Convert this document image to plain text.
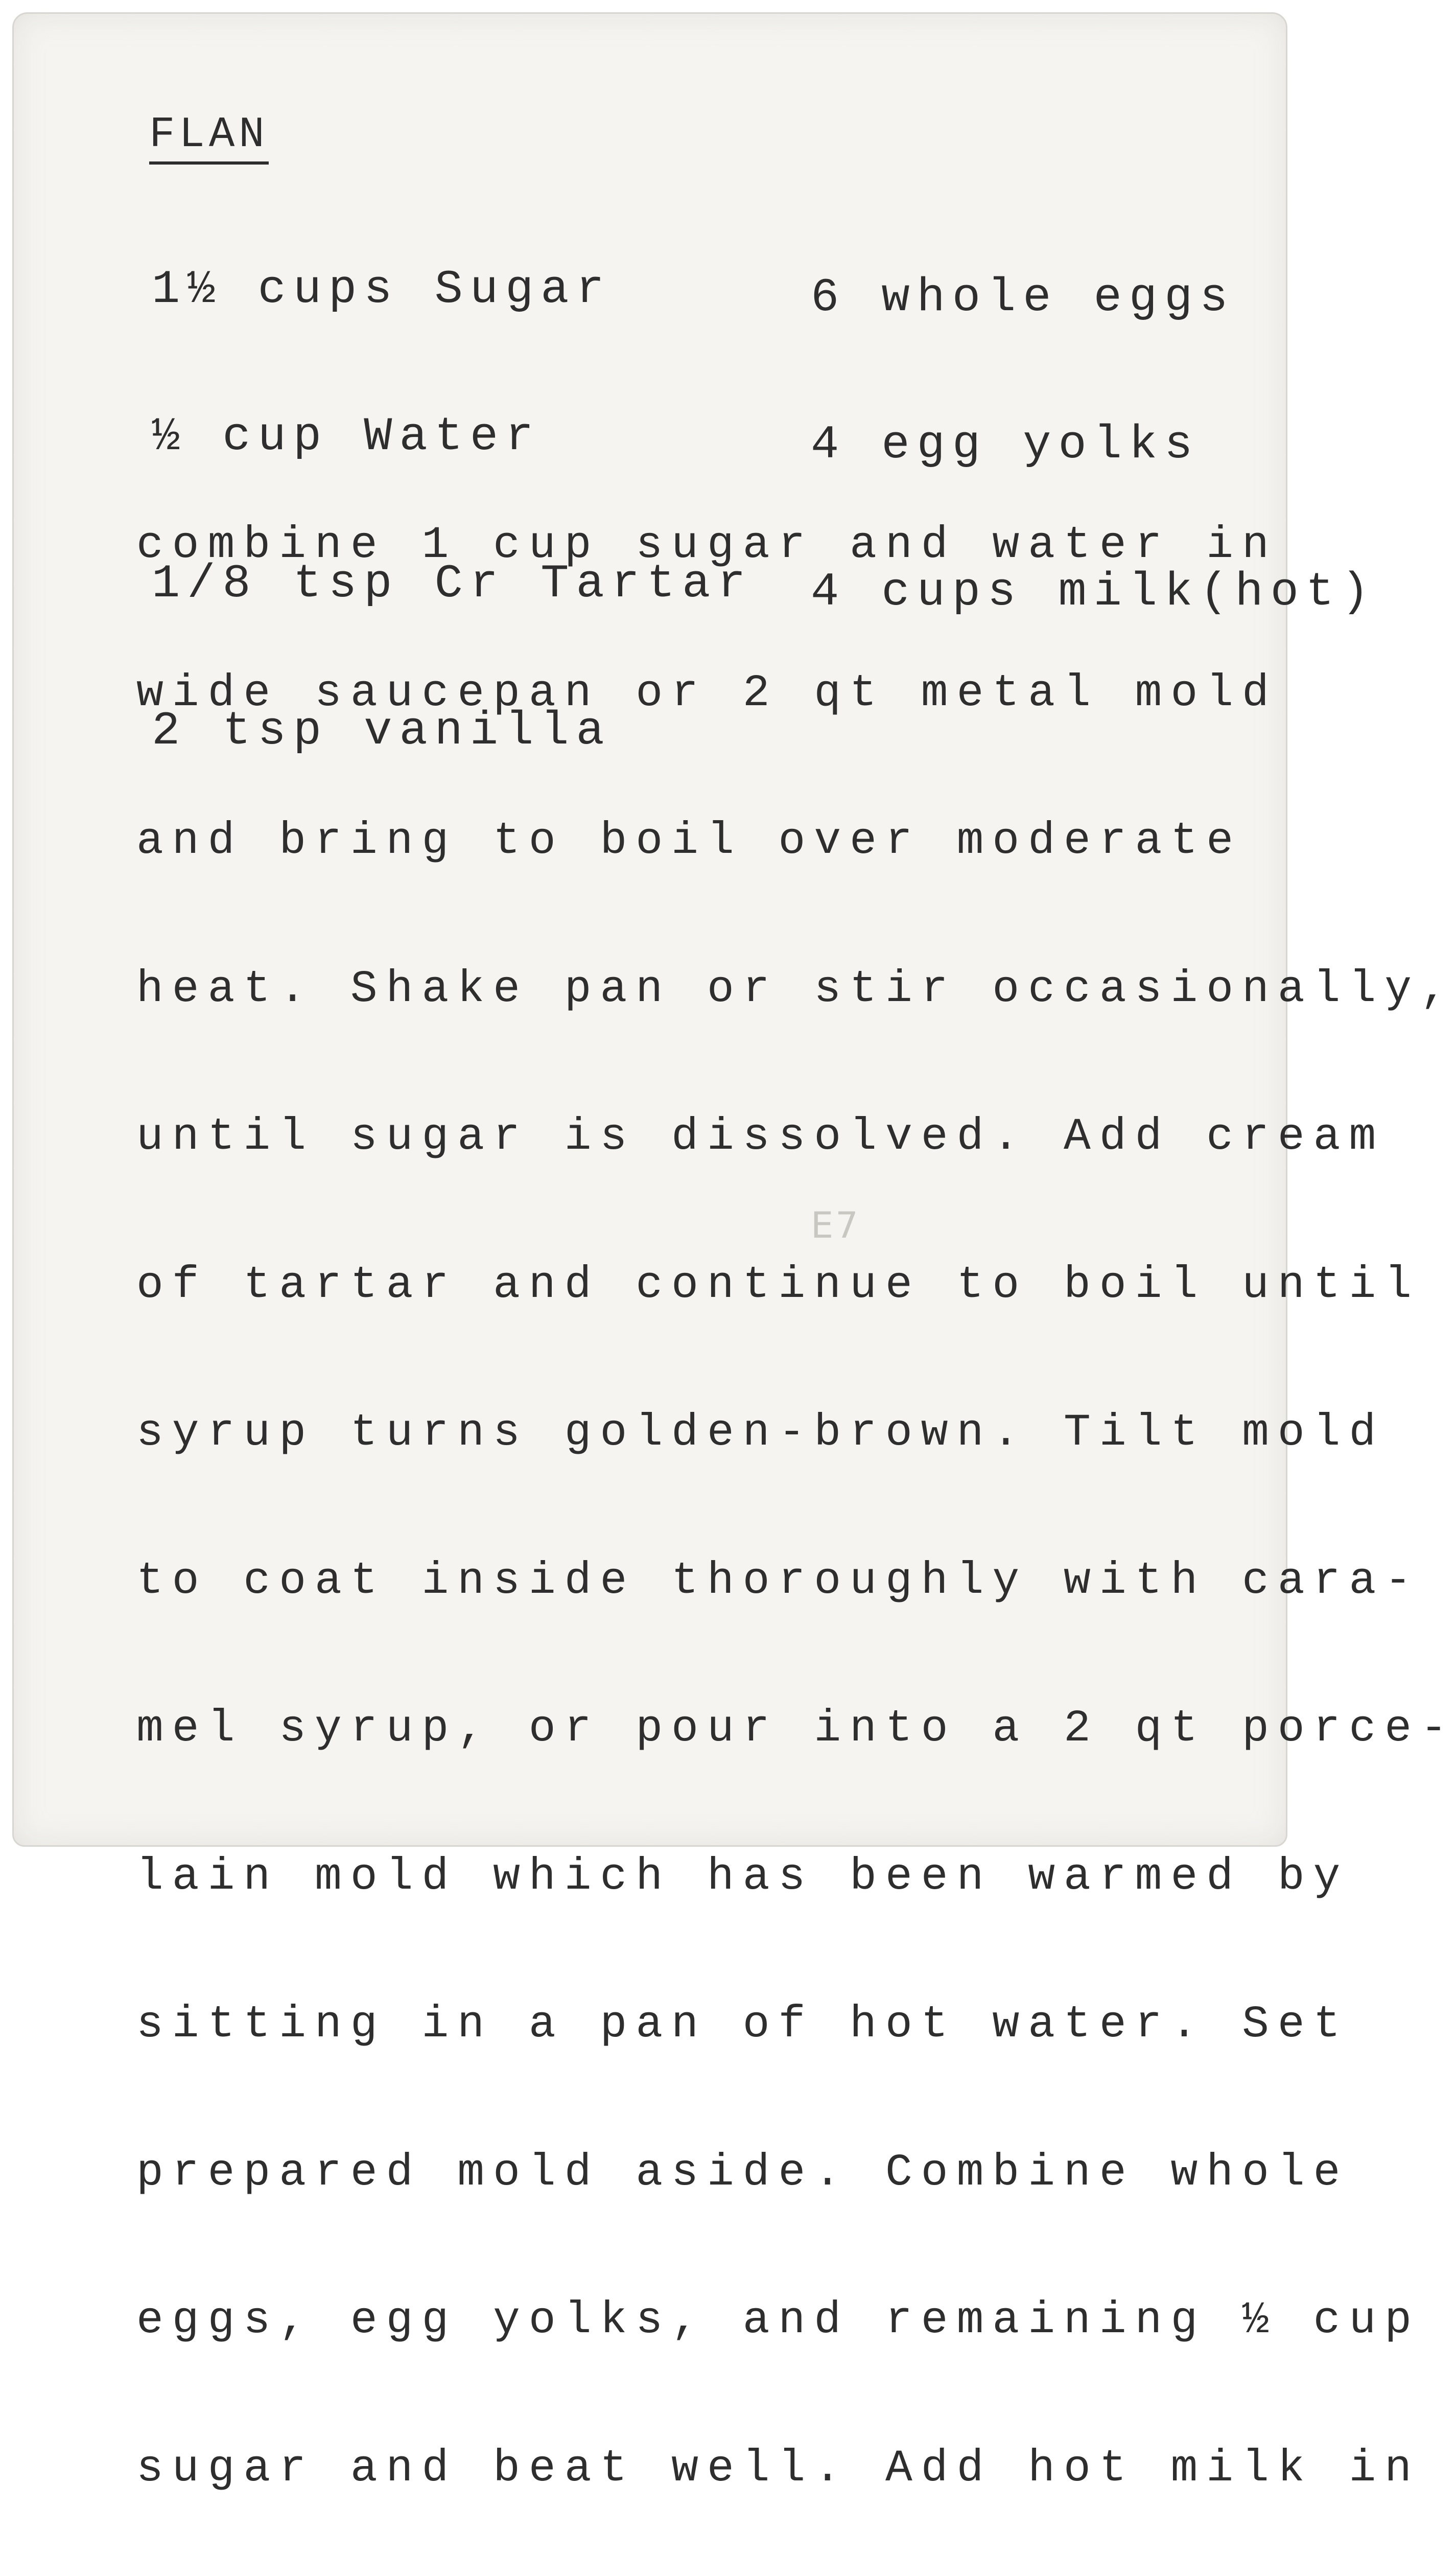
FLAN

1½ cups Sugar

½ cup Water

1/8 tsp Cr Tartar

2 tsp vanilla

6 whole eggs

4 egg yolks

4 cups milk(hot)

combine 1 cup sugar and water in

wide saucepan or 2 qt metal mold

and bring to boil over moderate

heat. Shake pan or stir occasionally,

until sugar is dissolved. Add cream

of tartar and continue to boil until

syrup turns golden-brown. Tilt mold

to coat inside thoroughly with cara-

mel syrup, or pour into a 2 qt porce-

lain mold which has been warmed by

sitting in a pan of hot water. Set

prepared mold aside. Combine whole

eggs, egg yolks, and remaining ½ cup

sugar and beat well. Add hot milk in

E7
